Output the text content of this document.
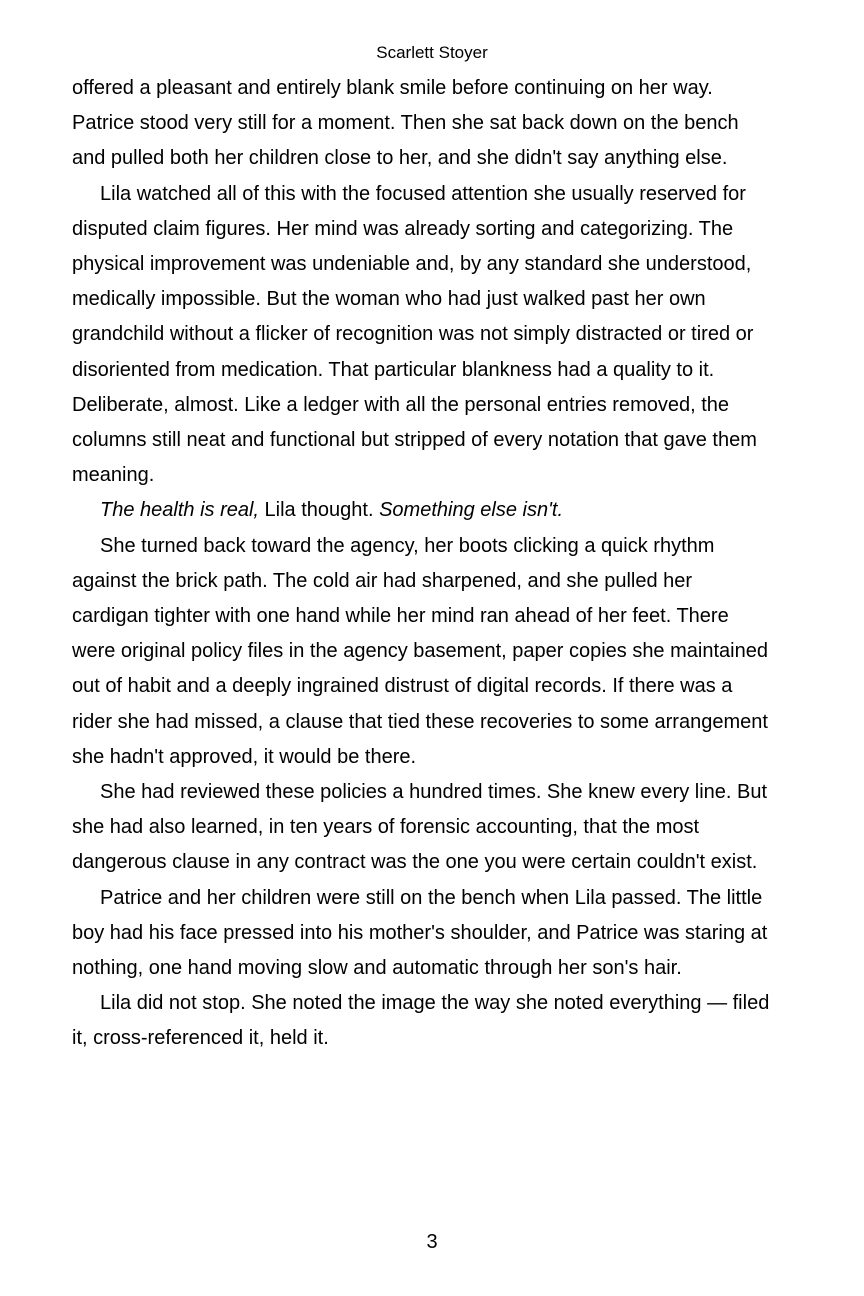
Scarlett Stoyer

offered a pleasant and entirely blank smile before continuing on her way. Patrice stood very still for a moment. Then she sat back down on the bench and pulled both her children close to her, and she didn't say anything else.

Lila watched all of this with the focused attention she usually reserved for disputed claim figures. Her mind was already sorting and categorizing. The physical improvement was undeniable and, by any standard she understood, medically impossible. But the woman who had just walked past her own grandchild without a flicker of recognition was not simply distracted or tired or disoriented from medication. That particular blankness had a quality to it. Deliberate, almost. Like a ledger with all the personal entries removed, the columns still neat and functional but stripped of every notation that gave them meaning.

The health is real, Lila thought. Something else isn't.

She turned back toward the agency, her boots clicking a quick rhythm against the brick path. The cold air had sharpened, and she pulled her cardigan tighter with one hand while her mind ran ahead of her feet. There were original policy files in the agency basement, paper copies she maintained out of habit and a deeply ingrained distrust of digital records. If there was a rider she had missed, a clause that tied these recoveries to some arrangement she hadn't approved, it would be there.

She had reviewed these policies a hundred times. She knew every line. But she had also learned, in ten years of forensic accounting, that the most dangerous clause in any contract was the one you were certain couldn't exist.

Patrice and her children were still on the bench when Lila passed. The little boy had his face pressed into his mother's shoulder, and Patrice was staring at nothing, one hand moving slow and automatic through her son's hair.

Lila did not stop. She noted the image the way she noted everything — filed it, cross-referenced it, held it.

3
